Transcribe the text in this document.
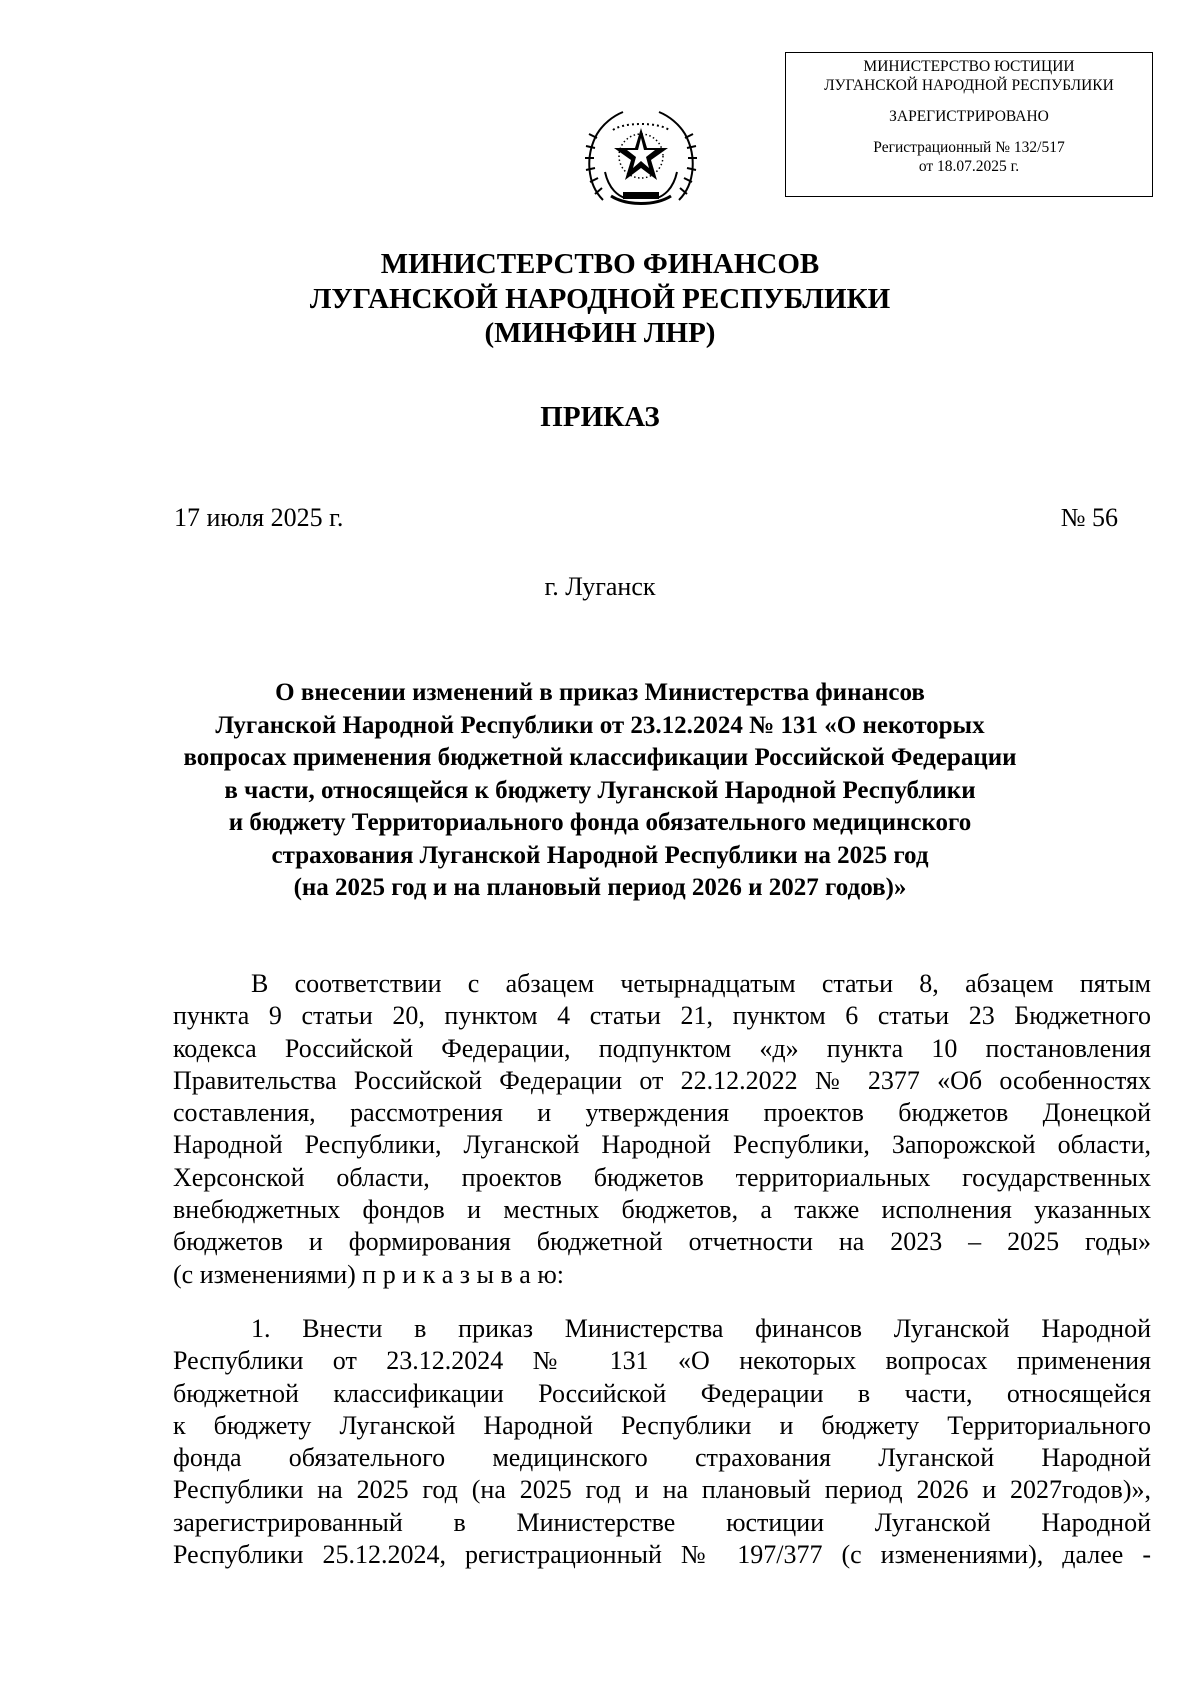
МИНИСТЕРСТВО ЮСТИЦИИ
ЛУГАНСКОЙ НАРОДНОЙ РЕСПУБЛИКИ
ЗАРЕГИСТРИРОВАНО
Регистрационный № 132/517
от 18.07.2025 г.
МИНИСТЕРСТВО ФИНАНСОВ
ЛУГАНСКОЙ НАРОДНОЙ РЕСПУБЛИКИ
(МИНФИН ЛНР)
ПРИКАЗ
17 июля 2025 г.	№ 56
г. Луганск
О внесении изменений в приказ Министерства финансов
Луганской Народной Республики от 23.12.2024 № 131 «О некоторых
вопросах применения бюджетной классификации Российской Федерации
в части, относящейся к бюджету Луганской Народной Республики
и бюджету Территориального фонда обязательного медицинского
страхования Луганской Народной Республики на 2025 год
(на 2025 год и на плановый период 2026 и 2027 годов)»
В соответствии с абзацем четырнадцатым статьи 8, абзацем пятым
пункта 9 статьи 20, пунктом 4 статьи 21, пунктом 6 статьи 23 Бюджетного
кодекса Российской Федерации, подпунктом «д» пункта 10 постановления
Правительства Российской Федерации от 22.12.2022 № 2377 «Об особенностях
составления, рассмотрения и утверждения проектов бюджетов Донецкой
Народной Республики, Луганской Народной Республики, Запорожской области,
Херсонской области, проектов бюджетов территориальных государственных
внебюджетных фондов и местных бюджетов, а также исполнения указанных
бюджетов и формирования бюджетной отчетности на 2023 – 2025 годы»
(с изменениями) п р и к а з ы в а ю:
1. Внести в приказ Министерства финансов Луганской Народной
Республики от 23.12.2024 № 131 «О некоторых вопросах применения
бюджетной классификации Российской Федерации в части, относящейся
к бюджету Луганской Народной Республики и бюджету Территориального
фонда обязательного медицинского страхования Луганской Народной
Республики на 2025 год (на 2025 год и на плановый период 2026 и 2027годов)»,
зарегистрированный в Министерстве юстиции Луганской Народной
Республики 25.12.2024, регистрационный № 197/377 (с изменениями), далее -
